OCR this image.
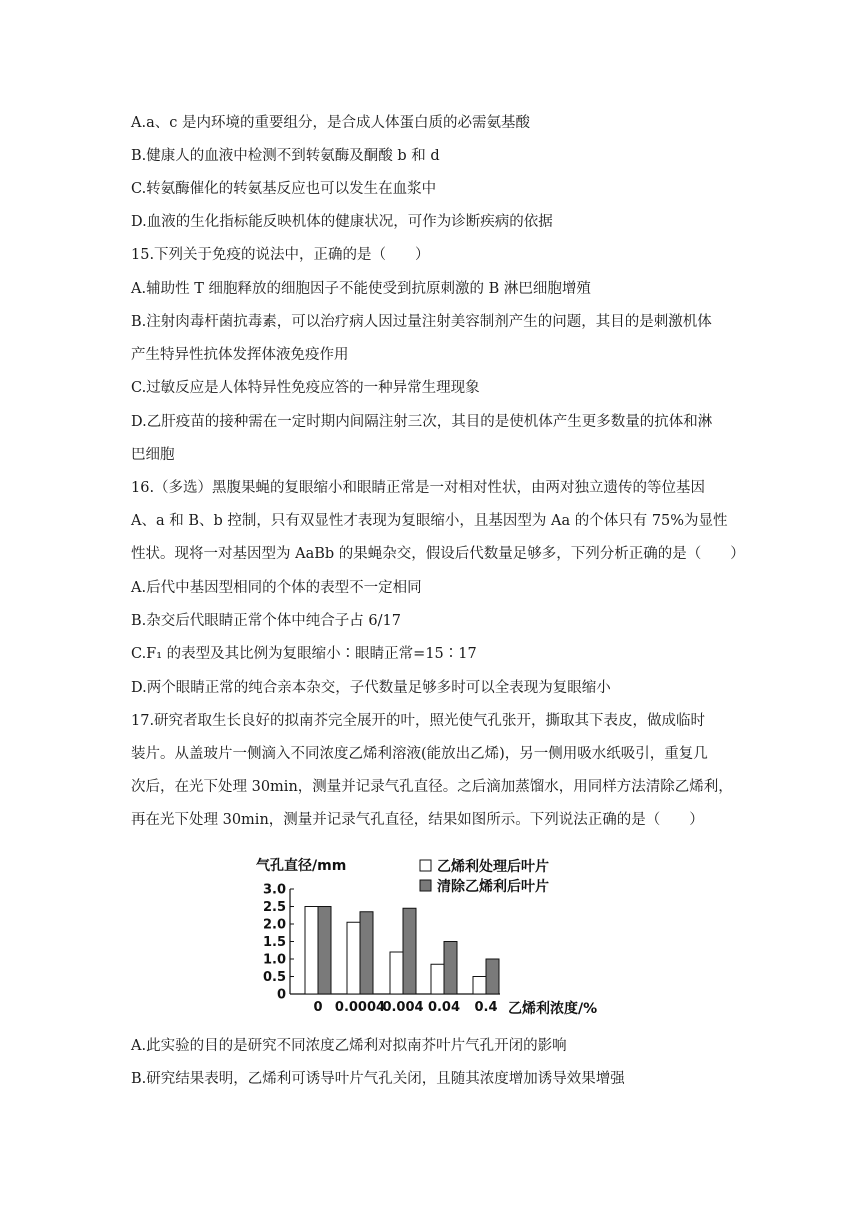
A.a、c 是内环境的重要组分，是合成人体蛋白质的必需氨基酸
B.健康人的血液中检测不到转氨酶及酮酸 b 和 d
C.转氨酶催化的转氨基反应也可以发生在血浆中
D.血液的生化指标能反映机体的健康状况，可作为诊断疾病的依据
15.下列关于免疫的说法中，正确的是（　　）
A.辅助性 T 细胞释放的细胞因子不能使受到抗原刺激的 B 淋巴细胞增殖
B.注射肉毒杆菌抗毒素，可以治疗病人因过量注射美容制剂产生的问题，其目的是刺激机体
产生特异性抗体发挥体液免疫作用
C.过敏反应是人体特异性免疫应答的一种异常生理现象
D.乙肝疫苗的接种需在一定时期内间隔注射三次，其目的是使机体产生更多数量的抗体和淋
巴细胞
16.（多选）黑腹果蝇的复眼缩小和眼睛正常是一对相对性状，由两对独立遗传的等位基因
A、a 和 B、b 控制，只有双显性才表现为复眼缩小，且基因型为 Aa 的个体只有 75%为显性
性状。现将一对基因型为 AaBb 的果蝇杂交，假设后代数量足够多，下列分析正确的是（　　）
A.后代中基因型相同的个体的表型不一定相同
B.杂交后代眼睛正常个体中纯合子占 6/17
C.F₁ 的表型及其比例为复眼缩小∶眼睛正常=15∶17
D.两个眼睛正常的纯合亲本杂交，子代数量足够多时可以全表现为复眼缩小
17.研究者取生长良好的拟南芥完全展开的叶，照光使气孔张开，撕取其下表皮，做成临时
装片。从盖玻片一侧滴入不同浓度乙烯利溶液(能放出乙烯)，另一侧用吸水纸吸引，重复几
次后，在光下处理 30min，测量并记录气孔直径。之后滴加蒸馏水，用同样方法清除乙烯利，
再在光下处理 30min，测量并记录气孔直径，结果如图所示。下列说法正确的是（　　）
0
0.5
1.0
1.5
2.0
2.5
3.0
气孔直径/mm
0 0.0004
0.004 0.04 0.4 乙烯利浓度/%
乙烯利处理后叶片
清除乙烯利后叶片
A.此实验的目的是研究不同浓度乙烯利对拟南芥叶片气孔开闭的影响
B.研究结果表明，乙烯利可诱导叶片气孔关闭，且随其浓度增加诱导效果增强
